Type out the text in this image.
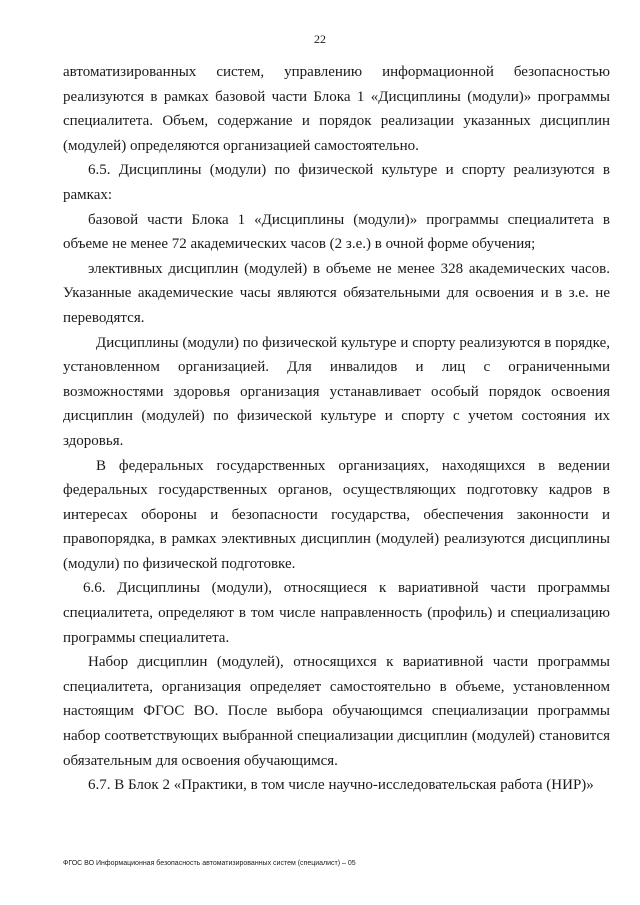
22

автоматизированных систем, управлению информационной безопасностью реализуются в рамках базовой части Блока 1 «Дисциплины (модули)» программы специалитета. Объем, содержание и порядок реализации указанных дисциплин (модулей) определяются организацией самостоятельно.

6.5. Дисциплины (модули) по физической культуре и спорту реализуются в рамках:

базовой части Блока 1 «Дисциплины (модули)» программы специалитета в объеме не менее 72 академических часов (2 з.е.) в очной форме обучения;

элективных дисциплин (модулей) в объеме не менее 328 академических часов. Указанные академические часы являются обязательными для освоения и в з.е. не переводятся.

Дисциплины (модули) по физической культуре и спорту реализуются в порядке, установленном организацией. Для инвалидов и лиц с ограниченными возможностями здоровья организация устанавливает особый порядок освоения дисциплин (модулей) по физической культуре и спорту с учетом состояния их здоровья.

В федеральных государственных организациях, находящихся в ведении федеральных государственных органов, осуществляющих подготовку кадров в интересах обороны и безопасности государства, обеспечения законности и правопорядка, в рамках элективных дисциплин (модулей) реализуются дисциплины (модули) по физической подготовке.

6.6. Дисциплины (модули), относящиеся к вариативной части программы специалитета, определяют в том числе направленность (профиль) и специализацию программы специалитета.

Набор дисциплин (модулей), относящихся к вариативной части программы специалитета, организация определяет самостоятельно в объеме, установленном настоящим ФГОС ВО. После выбора обучающимся специализации программы набор соответствующих выбранной специализации дисциплин (модулей) становится обязательным для освоения обучающимся.

6.7. В Блок 2 «Практики, в том числе научно-исследовательская работа (НИР)»

ФГОС ВО Информационная безопасность автоматизированных систем (специалист) – 05
